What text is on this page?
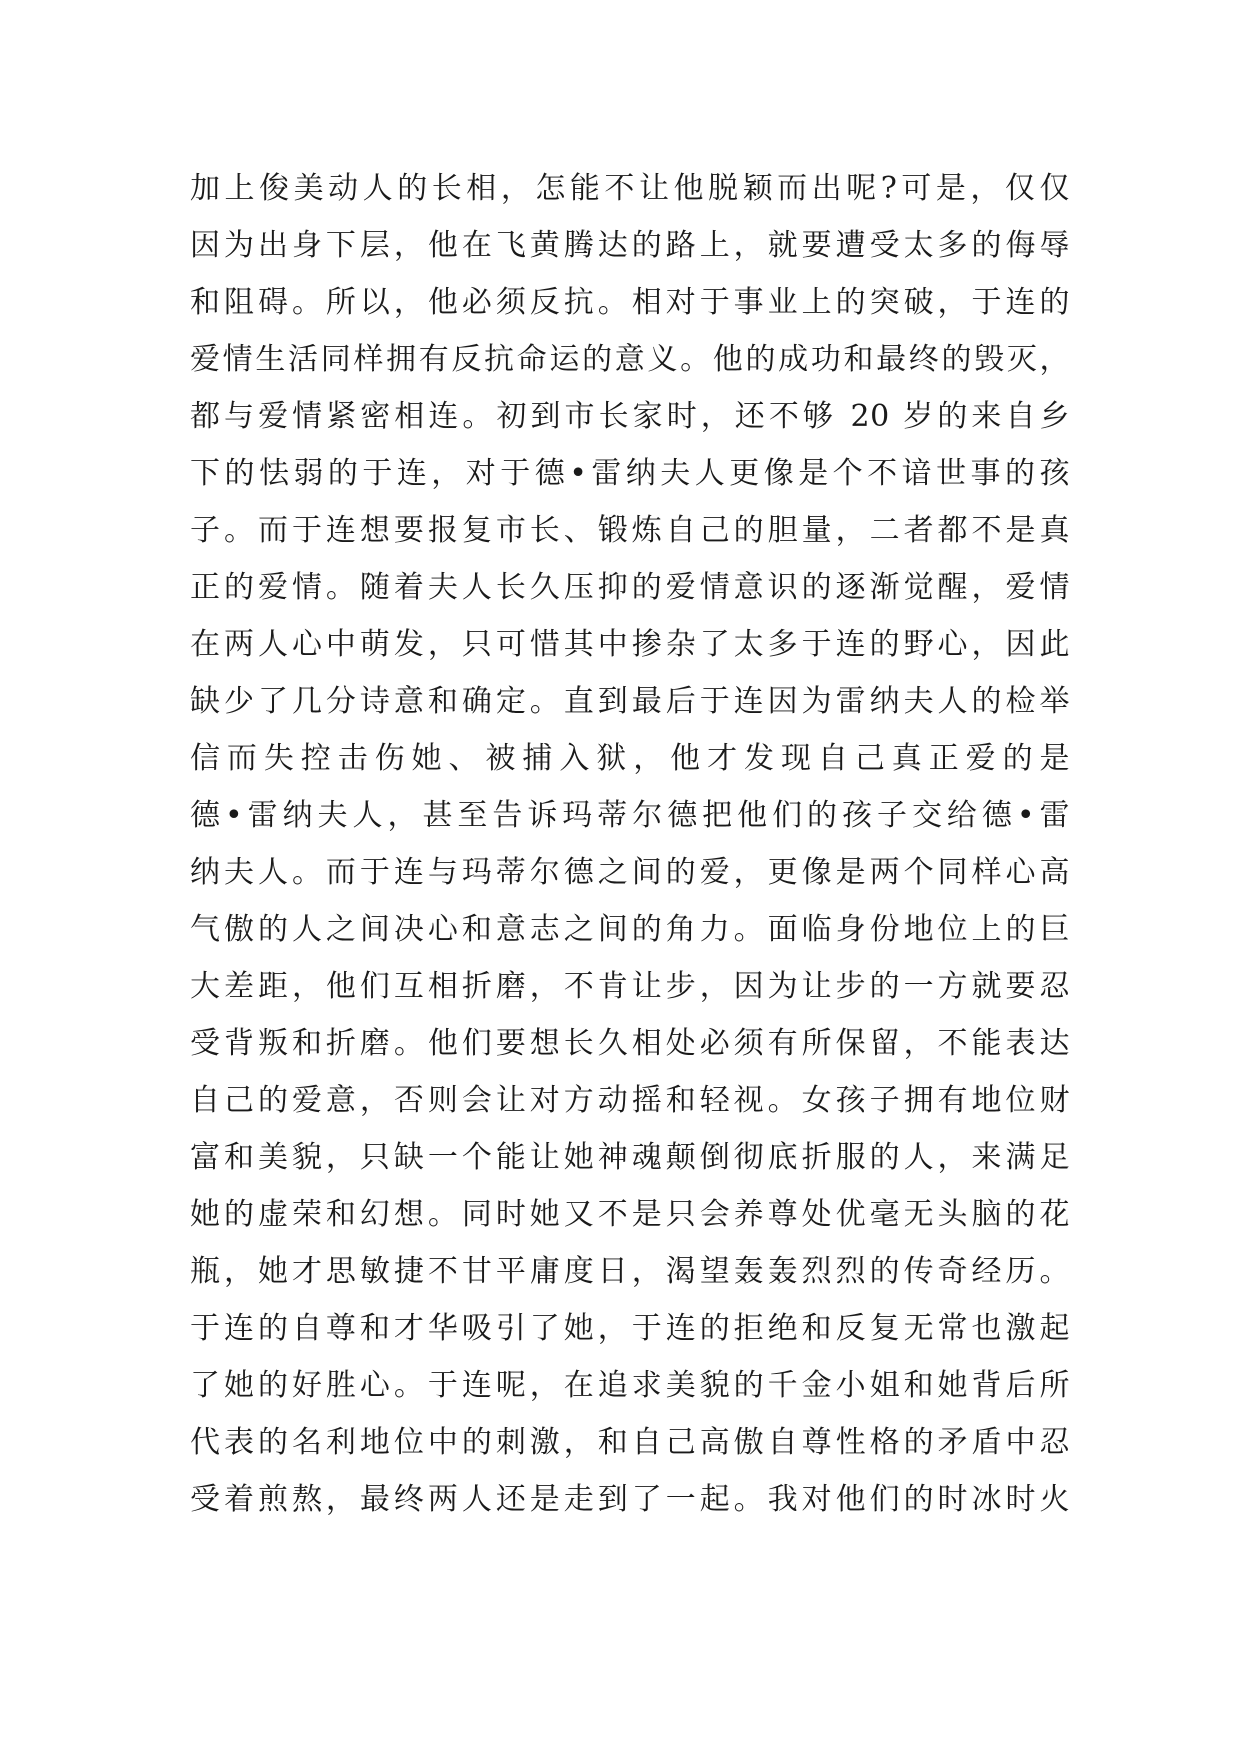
加上俊美动人的长相，怎能不让他脱颖而出呢?可是，仅仅
因为出身下层，他在飞黄腾达的路上，就要遭受太多的侮辱
和阻碍。所以，他必须反抗。相对于事业上的突破，于连的
爱情生活同样拥有反抗命运的意义。他的成功和最终的毁灭，
都与爱情紧密相连。初到市长家时，还不够 20 岁的来自乡
下的怯弱的于连，对于德•雷纳夫人更像是个不谙世事的孩
子。而于连想要报复市长、锻炼自己的胆量，二者都不是真
正的爱情。随着夫人长久压抑的爱情意识的逐渐觉醒，爱情
在两人心中萌发，只可惜其中掺杂了太多于连的野心，因此
缺少了几分诗意和确定。直到最后于连因为雷纳夫人的检举
信而失控击伤她、被捕入狱，他才发现自己真正爱的是
德•雷纳夫人，甚至告诉玛蒂尔德把他们的孩子交给德•雷
纳夫人。而于连与玛蒂尔德之间的爱，更像是两个同样心高
气傲的人之间决心和意志之间的角力。面临身份地位上的巨
大差距，他们互相折磨，不肯让步，因为让步的一方就要忍
受背叛和折磨。他们要想长久相处必须有所保留，不能表达
自己的爱意，否则会让对方动摇和轻视。女孩子拥有地位财
富和美貌，只缺一个能让她神魂颠倒彻底折服的人，来满足
她的虚荣和幻想。同时她又不是只会养尊处优毫无头脑的花
瓶，她才思敏捷不甘平庸度日，渴望轰轰烈烈的传奇经历。
于连的自尊和才华吸引了她，于连的拒绝和反复无常也激起
了她的好胜心。于连呢，在追求美貌的千金小姐和她背后所
代表的名利地位中的刺激，和自己高傲自尊性格的矛盾中忍
受着煎熬，最终两人还是走到了一起。我对他们的时冰时火
